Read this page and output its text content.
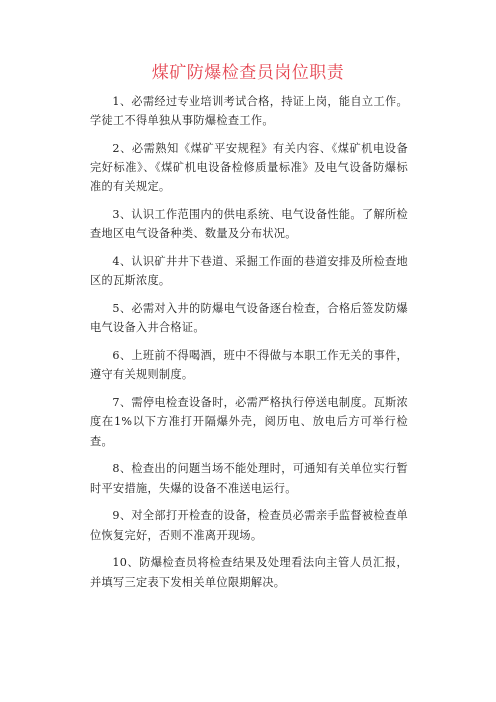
煤矿防爆检查员岗位职责

1、必需经过专业培训考试合格，持证上岗，能自立工作。学徒工不得单独从事防爆检查工作。

2、必需熟知《煤矿平安规程》有关内容、《煤矿机电设备完好标准》、《煤矿机电设备检修质量标准》及电气设备防爆标准的有关规定。

3、认识工作范围内的供电系统、电气设备性能。了解所检查地区电气设备种类、数量及分布状况。

4、认识矿井井下巷道、采掘工作面的巷道安排及所检查地区的瓦斯浓度。

5、必需对入井的防爆电气设备逐台检查，合格后签发防爆电气设备入井合格证。

6、上班前不得喝酒，班中不得做与本职工作无关的事件，遵守有关规则制度。

7、需停电检查设备时，必需严格执行停送电制度。瓦斯浓度在1%以下方准打开隔爆外壳，阅历电、放电后方可举行检查。

8、检查出的问题当场不能处理时，可通知有关单位实行暂时平安措施，失爆的设备不准送电运行。

9、对全部打开检查的设备，检查员必需亲手监督被检查单位恢复完好，否则不准离开现场。

10、防爆检查员将检查结果及处理看法向主管人员汇报，并填写三定表下发相关单位限期解决。
